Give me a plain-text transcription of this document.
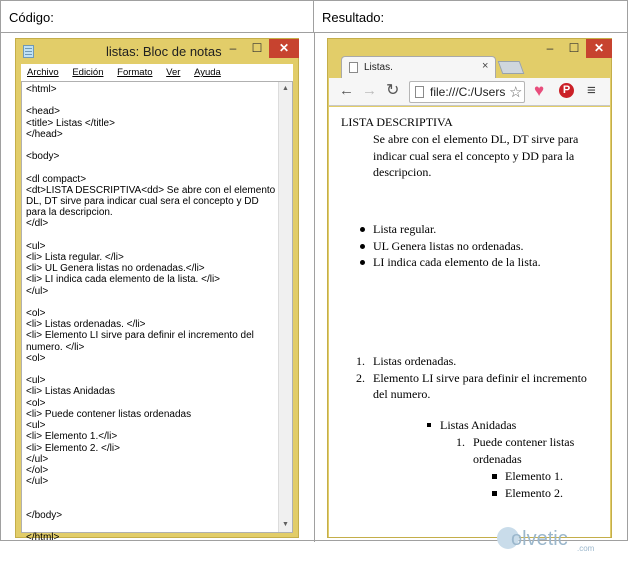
Código:	Resultado:
listas: Bloc de notas –	☐	✕
Archivo Edición Formato Ver Ayuda
<html>

<head>
<title> Listas </title>
</head>

<body>

<dl compact>
<dt>LISTA DESCRIPTIVA<dd> Se abre con el elemento DL, DT sirve para indicar cual sera el concepto y DD para la descripcion.
</dl>

<ul>
<li> Lista regular. </li>
<li> UL Genera listas no ordenadas.</li>
<li> LI indica cada elemento de la lista. </li>
</ul>

<ol>
<li> Listas ordenadas. </li>
<li> Elemento LI sirve para definir el incremento del numero. </li>
<ol>

<ul>
<li> Listas Anidadas
<ol>
<li> Puede contener listas ordenadas
<ul>
<li> Elemento 1.</li>
<li> Elemento 2. </li>
</ul>
</ol>
</ul>

</body>

</html>
▲
▼
–	☐	✕
Listas.	×
← → ↻	file:///C:/Users ☆ ♥	P ≡
LISTA DESCRIPTIVA
Se abre con el elemento DL, DT sirve para indicar cual sera el concepto y DD para la descripcion.
Lista regular.
UL Genera listas no ordenadas.
LI indica cada elemento de la lista.
1. Listas ordenadas.
2. Elemento LI sirve para definir el incremento del numero.
Listas Anidadas
1. Puede contener listas ordenadas
Elemento 1.
Elemento 2.
olvetic .com
